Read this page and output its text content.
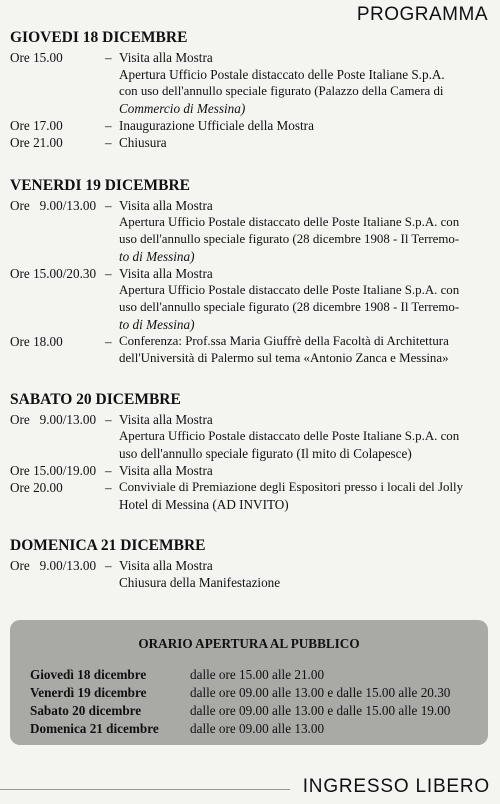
PROGRAMMA
GIOVEDI 18 DICEMBRE
Ore 15.00	– Visita alla Mostra
Apertura Ufficio Postale distaccato delle Poste Italiane S.p.A.
con uso dell'annullo speciale figurato (Palazzo della Camera di
Commercio di Messina)
Ore 17.00	– Inaugurazione Ufficiale della Mostra
Ore 21.00	– Chiusura
VENERDI 19 DICEMBRE
Ore   9.00/13.00 – Visita alla Mostra
Apertura Ufficio Postale distaccato delle Poste Italiane S.p.A. con
uso dell'annullo speciale figurato (28 dicembre 1908 - Il Terremo-
to di Messina)
Ore 15.00/20.30 – Visita alla Mostra
Apertura Ufficio Postale distaccato delle Poste Italiane S.p.A. con
uso dell'annullo speciale figurato (28 dicembre 1908 - Il Terremo-
to di Messina)
Ore 18.00	– Conferenza: Prof.ssa Maria Giuffrè della Facoltà di Architettura
dell'Università di Palermo sul tema «Antonio Zanca e Messina»
SABATO 20 DICEMBRE
Ore   9.00/13.00 – Visita alla Mostra
Apertura Ufficio Postale distaccato delle Poste Italiane S.p.A. con
uso dell'annullo speciale figurato (Il mito di Colapesce)
Ore 15.00/19.00 – Visita alla Mostra
Ore 20.00	– Conviviale di Premiazione degli Espositori presso i locali del Jolly
Hotel di Messina (AD INVITO)
DOMENICA 21 DICEMBRE
Ore   9.00/13.00 – Visita alla Mostra
Chiusura della Manifestazione
ORARIO APERTURA AL PUBBLICO
Giovedì 18 dicembre	dalle ore 15.00 alle 21.00
Venerdì 19 dicembre	dalle ore 09.00 alle 13.00 e dalle 15.00 alle 20.30
Sabato 20 dicembre	dalle ore 09.00 alle 13.00 e dalle 15.00 alle 19.00
Domenica 21 dicembre	dalle ore 09.00 alle 13.00
INGRESSO LIBERO
